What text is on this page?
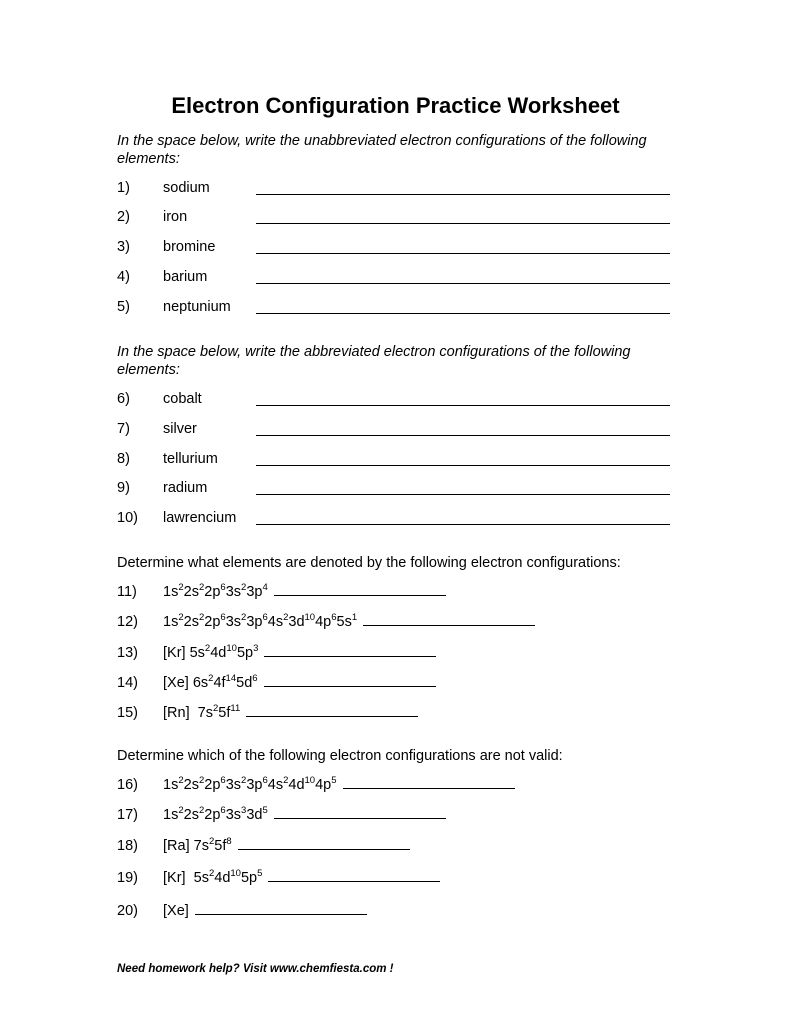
Electron Configuration Practice Worksheet
In the space below, write the unabbreviated electron configurations of the following elements:
1) sodium
2) iron
3) bromine
4) barium
5) neptunium
In the space below, write the abbreviated electron configurations of the following elements:
6) cobalt
7) silver
8) tellurium
9) radium
10) lawrencium
Determine what elements are denoted by the following electron configurations:
11) $1s^22s^22p^63s^23p^4$
12) $1s^22s^22p^63s^23p^64s^23d^{10}4p^65s^1$
13) [Kr] $5s^24d^{10}5p^3$
14) [Xe] $6s^24f^{14}5d^6$
15) [Rn]  $7s^25f^{11}$
Determine which of the following electron configurations are not valid:
16) $1s^22s^22p^63s^23p^64s^24d^{10}4p^5$
17) $1s^22s^22p^63s^33d^5$
18) [Ra] $7s^25f^8$
19) [Kr]  $5s^24d^{10}5p^5$
20) [Xe]
Need homework help? Visit www.chemfiesta.com !
